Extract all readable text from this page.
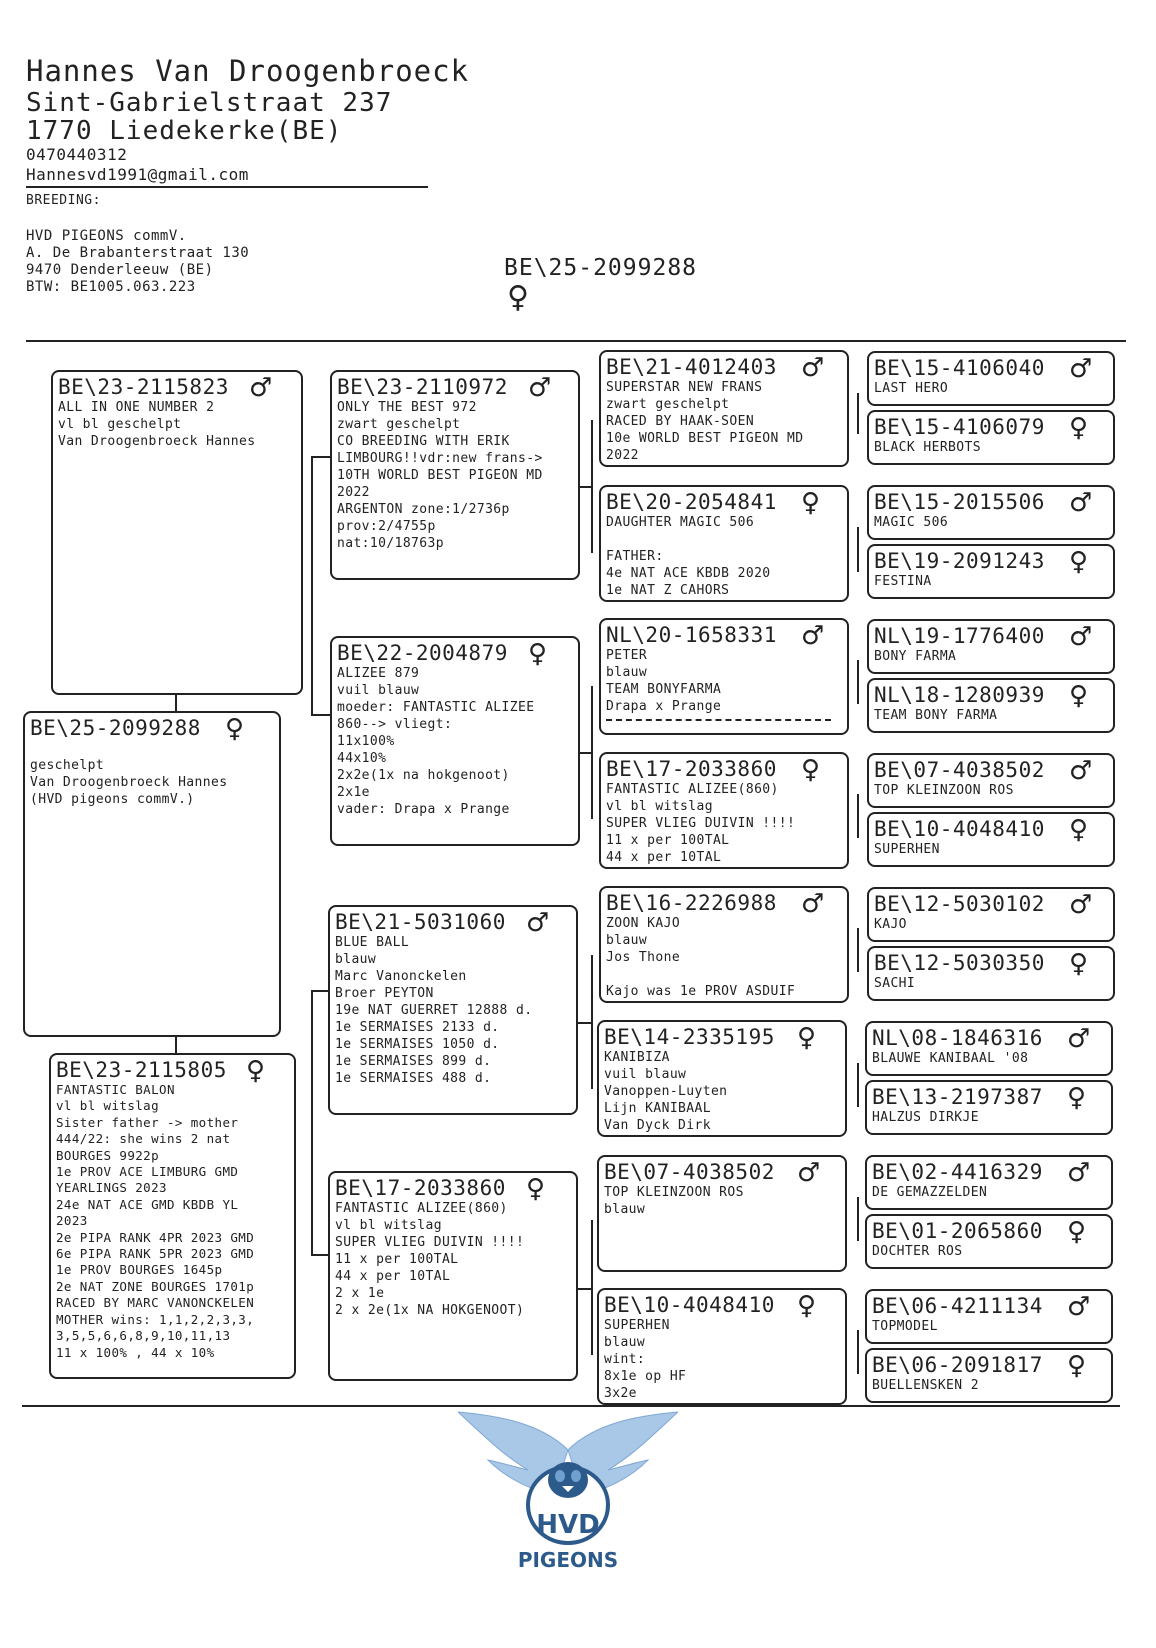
Hannes Van Droogenbroeck
Sint-Gabrielstraat 237
1770 Liedekerke(BE)
0470440312
Hannesvd1991@gmail.com
BREEDING:
HVD PIGEONS commV.
A. De Brabanterstraat 130
9470 Denderleeuw (BE)
BTW: BE1005.063.223
BE\25-2099288
♀
BE\23-2115823 ♂
ALL IN ONE NUMBER 2
vl bl geschelpt
Van Droogenbroeck Hannes
BE\25-2099288 ♀

geschelpt
Van Droogenbroeck Hannes
(HVD pigeons commV.)
BE\23-2115805 ♀
FANTASTIC BALON
vl bl witslag
Sister father -> mother
444/22: she wins 2 nat
BOURGES 9922p
1e PROV ACE LIMBURG GMD
YEARLINGS 2023
24e NAT ACE GMD KBDB YL
2023
2e PIPA RANK 4PR 2023 GMD
6e PIPA RANK 5PR 2023 GMD
1e PROV BOURGES 1645p
2e NAT ZONE BOURGES 1701p
RACED BY MARC VANONCKELEN
MOTHER wins: 1,1,2,2,3,3,
3,5,5,6,6,8,9,10,11,13
11 x 100% , 44 x 10%
BE\23-2110972 ♂
ONLY THE BEST 972
zwart geschelpt
CO BREEDING WITH ERIK
LIMBOURG!!vdr:new frans->
10TH WORLD BEST PIGEON MD
2022
ARGENTON zone:1/2736p
prov:2/4755p
nat:10/18763p
BE\22-2004879 ♀
ALIZEE 879
vuil blauw
moeder: FANTASTIC ALIZEE
860--> vliegt:
11x100%
44x10%
2x2e(1x na hokgenoot)
2x1e
vader: Drapa x Prange
BE\21-5031060 ♂
BLUE BALL
blauw
Marc Vanonckelen
Broer PEYTON
19e NAT GUERRET 12888 d.
1e SERMAISES 2133 d.
1e SERMAISES 1050 d.
1e SERMAISES 899 d.
1e SERMAISES 488 d.
BE\17-2033860 ♀
FANTASTIC ALIZEE(860)
vl bl witslag
SUPER VLIEG DUIVIN !!!!
11 x per 100TAL
44 x per 10TAL
2 x 1e
2 x 2e(1x NA HOKGENOOT)
BE\21-4012403 ♂
SUPERSTAR NEW FRANS
zwart geschelpt
RACED BY HAAK-SOEN
10e WORLD BEST PIGEON MD
2022
BE\20-2054841 ♀
DAUGHTER MAGIC 506

FATHER:
4e NAT ACE KBDB 2020
1e NAT Z CAHORS
NL\20-1658331 ♂
PETER
blauw
TEAM BONYFARMA
Drapa x Prange
BE\17-2033860 ♀
FANTASTIC ALIZEE(860)
vl bl witslag
SUPER VLIEG DUIVIN !!!!
11 x per 100TAL
44 x per 10TAL
BE\16-2226988 ♂
ZOON KAJO
blauw
Jos Thone

Kajo was 1e PROV ASDUIF
BE\14-2335195 ♀
KANIBIZA
vuil blauw
Vanoppen-Luyten
Lijn KANIBAAL
Van Dyck Dirk
BE\07-4038502 ♂
TOP KLEINZOON ROS
blauw
BE\10-4048410 ♀
SUPERHEN
blauw
wint:
8x1e op HF
3x2e
BE\15-4106040 ♂
LAST HERO
BE\15-4106079 ♀
BLACK HERBOTS
BE\15-2015506 ♂
MAGIC 506
BE\19-2091243 ♀
FESTINA
NL\19-1776400 ♂
BONY FARMA
NL\18-1280939 ♀
TEAM BONY FARMA
BE\07-4038502 ♂
TOP KLEINZOON ROS
BE\10-4048410 ♀
SUPERHEN
BE\12-5030102 ♂
KAJO
BE\12-5030350 ♀
SACHI
NL\08-1846316 ♂
BLAUWE KANIBAAL '08
BE\13-2197387 ♀
HALZUS DIRKJE
BE\02-4416329 ♂
DE GEMAZZELDEN
BE\01-2065860 ♀
DOCHTER ROS
BE\06-4211134 ♂
TOPMODEL
BE\06-2091817 ♀
BUELLENSKEN 2
HVD
PIGEONS
